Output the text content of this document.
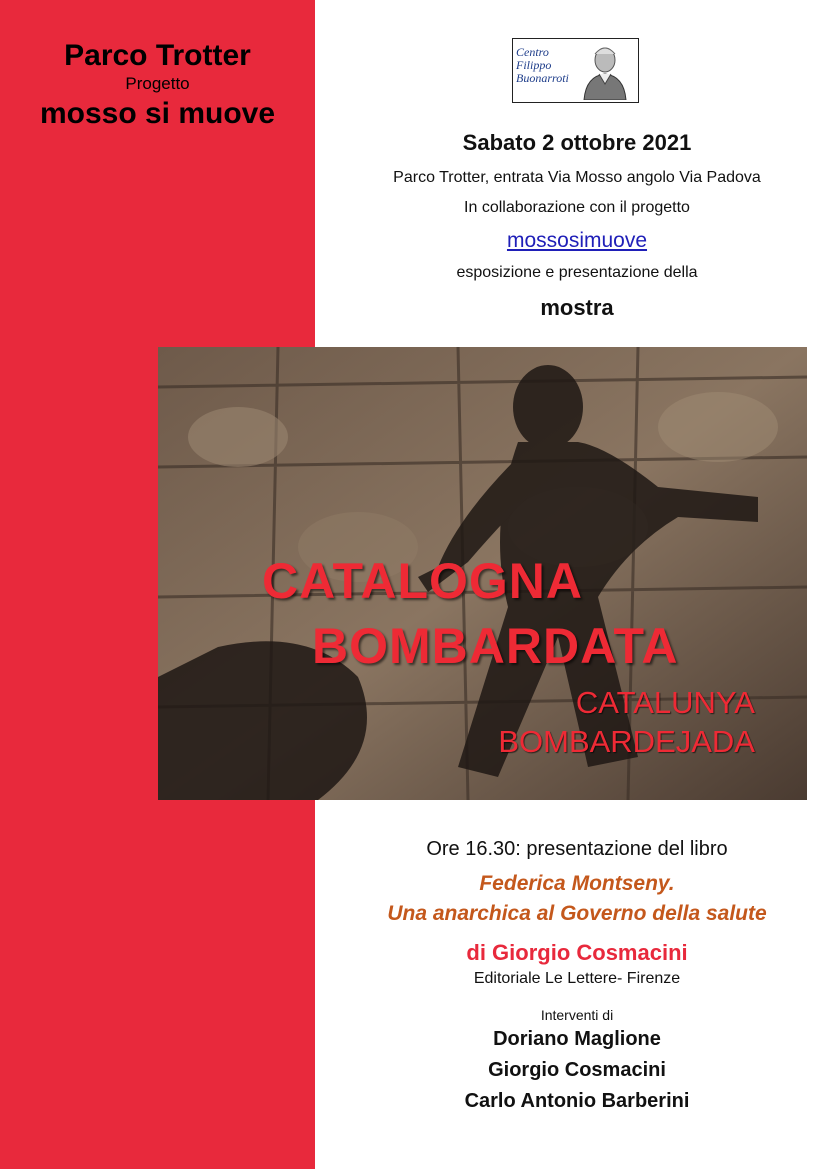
Parco Trotter
Progetto
mosso si muove
Centro
Filippo
Buonarroti
Sabato 2 ottobre 2021
Parco Trotter, entrata Via Mosso angolo Via Padova
In collaborazione con il progetto
mossosimuove
esposizione e presentazione della
mostra
CATALOGNA
BOMBARDATA
CATALUNYA
BOMBARDEJADA
Ore 16.30: presentazione del libro
Federica Montseny.
Una anarchica al Governo della salute
di Giorgio Cosmacini
Editoriale Le Lettere- Firenze
Interventi di
Doriano Maglione
Giorgio Cosmacini
Carlo Antonio Barberini
